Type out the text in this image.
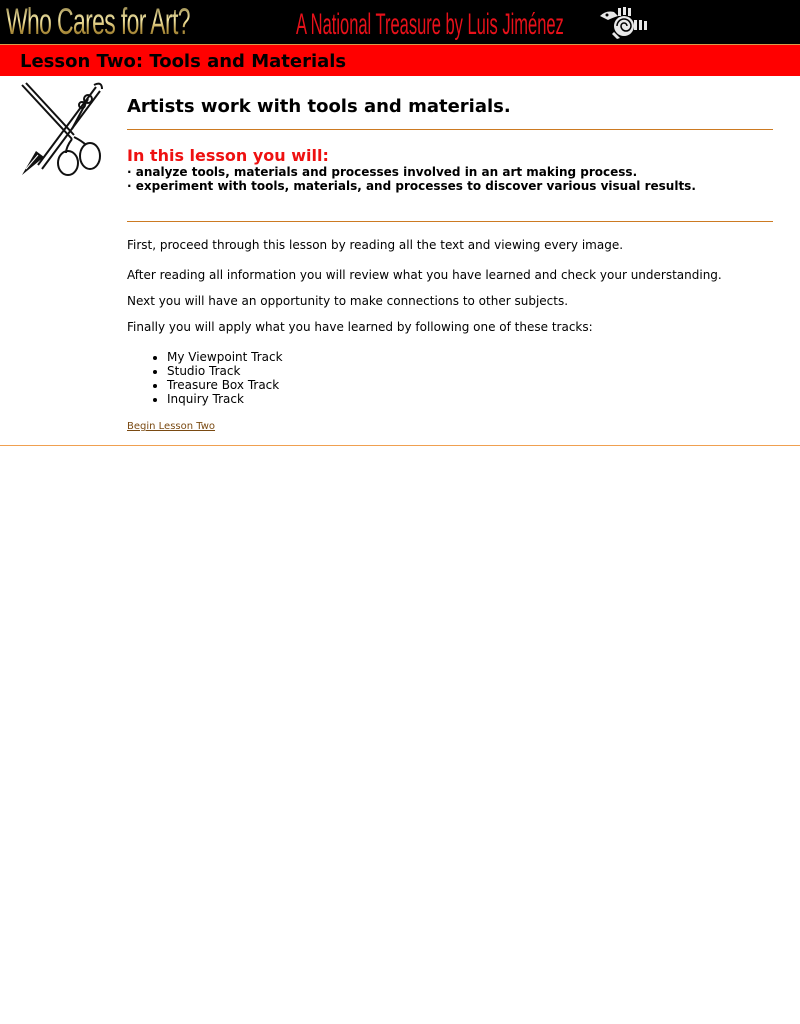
Who Cares for Art?	A National Treasure by Luis Jiménez
Lesson Two: Tools and Materials
Artists work with tools and materials.
In this lesson you will:
· analyze tools, materials and processes involved in an art making process.
· experiment with tools, materials, and processes to discover various visual results.

First, proceed through this lesson by reading all the text and viewing every image.

After reading all information you will review what you have learned and check your understanding.

Next you will have an opportunity to make connections to other subjects.

Finally you will apply what you have learned by following one of these tracks:

• My Viewpoint Track
• Studio Track
• Treasure Box Track
• Inquiry Track
Begin Lesson Two
